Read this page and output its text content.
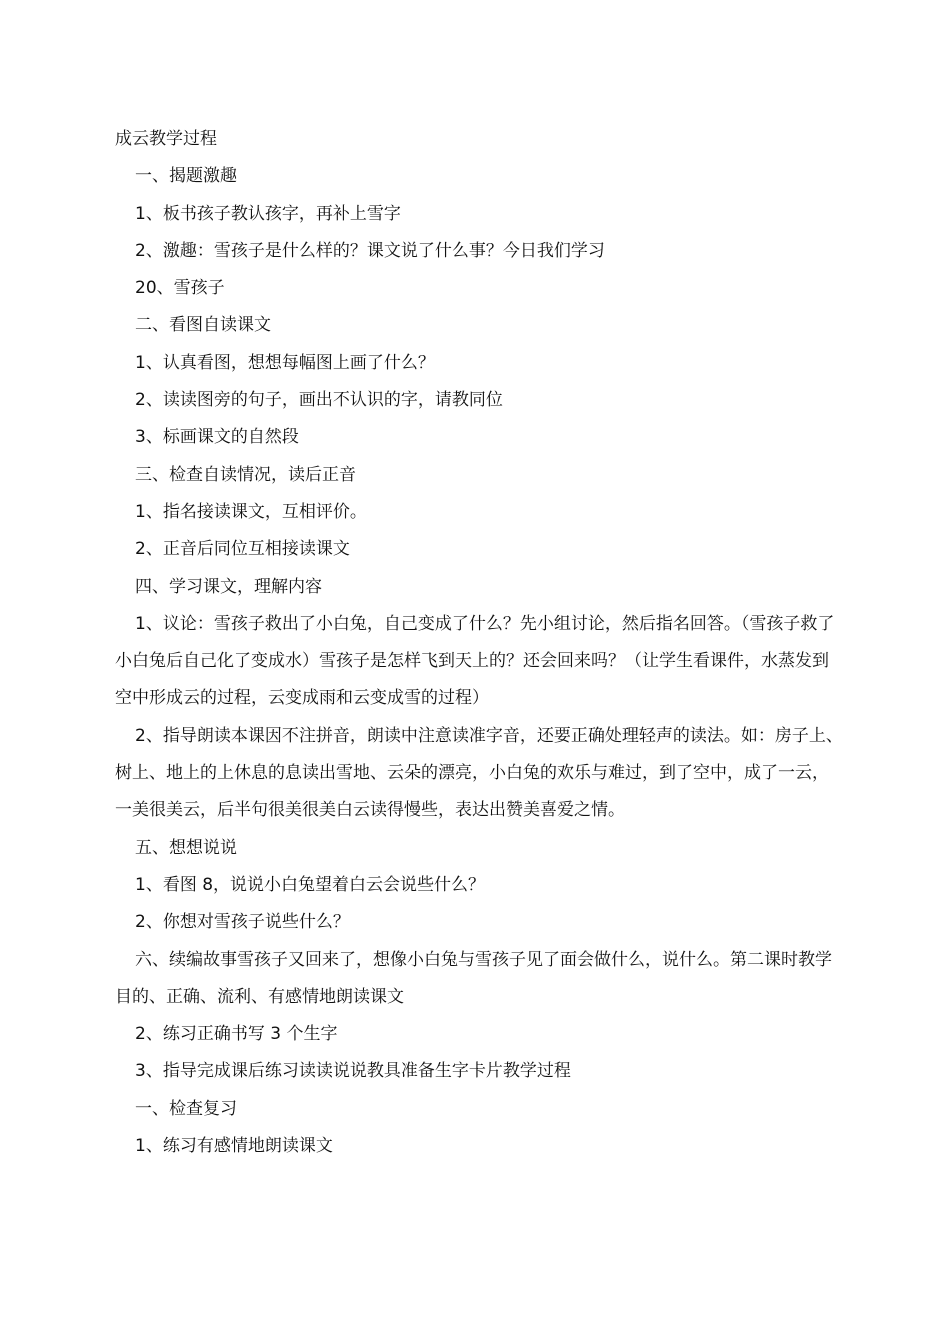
成云教学过程

一、揭题激趣

1、板书孩子教认孩字，再补上雪字

2、激趣：雪孩子是什么样的？课文说了什么事？今日我们学习

20、雪孩子

二、看图自读课文

1、认真看图，想想每幅图上画了什么？

2、读读图旁的句子，画出不认识的字，请教同位

3、标画课文的自然段

三、检查自读情况，读后正音

1、指名接读课文，互相评价。

2、正音后同位互相接读课文

四、学习课文，理解内容

1、议论：雪孩子救出了小白兔，自己变成了什么？先小组讨论，然后指名回答。（雪孩子救了小白兔后自己化了变成水）雪孩子是怎样飞到天上的？还会回来吗？（让学生看课件，水蒸发到空中形成云的过程，云变成雨和云变成雪的过程）

2、指导朗读本课因不注拼音，朗读中注意读准字音，还要正确处理轻声的读法。如：房子上、树上、地上的上休息的息读出雪地、云朵的漂亮，小白兔的欢乐与难过，到了空中，成了一云，一美很美云，后半句很美很美白云读得慢些，表达出赞美喜爱之情。

五、想想说说

1、看图 8，说说小白兔望着白云会说些什么？

2、你想对雪孩子说些什么？

六、续编故事雪孩子又回来了，想像小白兔与雪孩子见了面会做什么，说什么。第二课时教学目的、正确、流利、有感情地朗读课文

2、练习正确书写 3 个生字

3、指导完成课后练习读读说说教具准备生字卡片教学过程

一、检查复习

1、练习有感情地朗读课文
